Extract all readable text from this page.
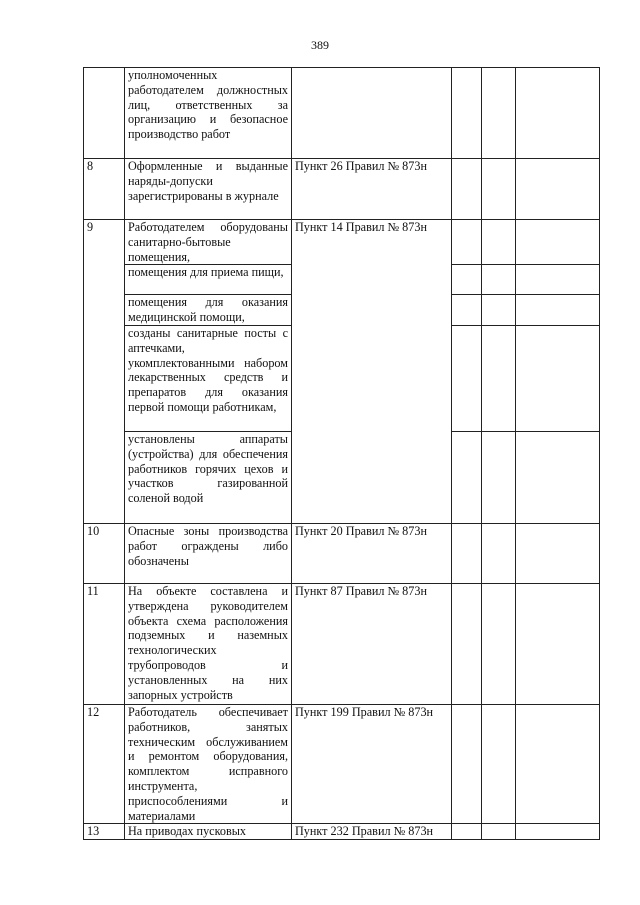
389
	уполномоченных работодателем должностных лиц, ответственных за организацию и безопасное производство работ				
8	Оформленные и выданные наряды-допуски зарегистрированы в журнале	Пункт 26 Правил № 873н			
9	Работодателем оборудованы санитарно-бытовые помещения,	Пункт 14 Правил № 873н			
	помещения для приема пищи,				
	помещения для оказания медицинской помощи,				
	созданы санитарные посты с аптечками, укомплектованными набором лекарственных средств и препаратов для оказания первой помощи работникам,				
	установлены аппараты (устройства) для обеспечения работников горячих цехов и участков газированной соленой водой				
10	Опасные зоны производства работ ограждены либо обозначены	Пункт 20 Правил № 873н			
11	На объекте составлена и утверждена руководителем объекта схема расположения подземных и наземных технологических трубопроводов и установленных на них запорных устройств	Пункт 87 Правил № 873н			
12	Работодатель обеспечивает работников, занятых техническим обслуживанием и ремонтом оборудования, комплектом исправного инструмента, приспособлениями и материалами	Пункт 199 Правил № 873н			
13	На приводах пусковых	Пункт 232 Правил № 873н			
